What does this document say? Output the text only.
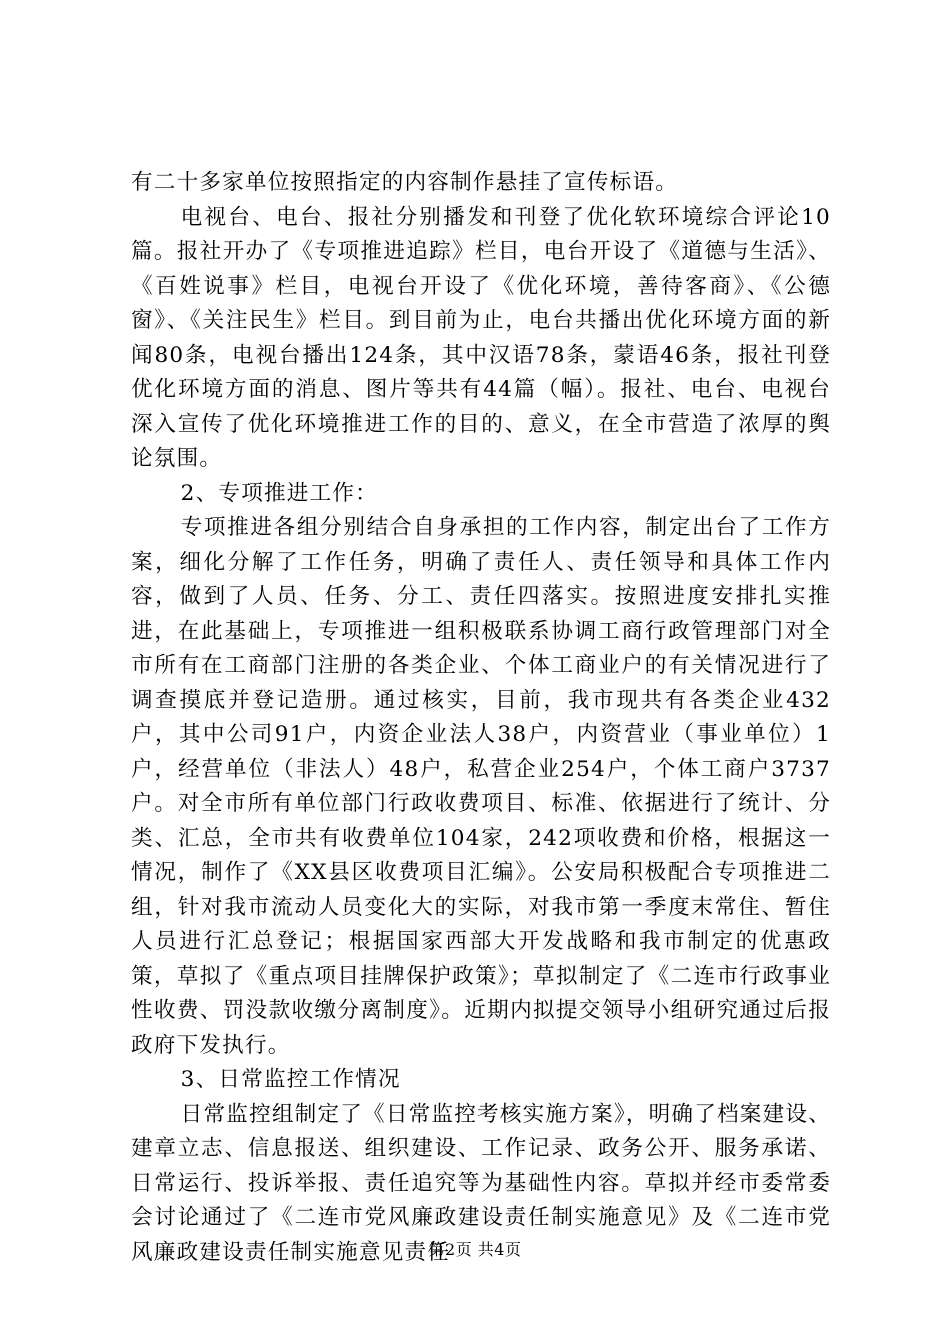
有二十多家单位按照指定的内容制作悬挂了宣传标语。

电视台、电台、报社分别播发和刊登了优化软环境综合评论10篇。报社开办了《专项推进追踪》栏目，电台开设了《道德与生活》、《百姓说事》栏目，电视台开设了《优化环境，善待客商》、《公德窗》、《关注民生》栏目。到目前为止，电台共播出优化环境方面的新闻80条，电视台播出124条，其中汉语78条，蒙语46条，报社刊登优化环境方面的消息、图片等共有44篇（幅）。报社、电台、电视台深入宣传了优化环境推进工作的目的、意义，在全市营造了浓厚的舆论氛围。

2、专项推进工作：

专项推进各组分别结合自身承担的工作内容，制定出台了工作方案，细化分解了工作任务，明确了责任人、责任领导和具体工作内容，做到了人员、任务、分工、责任四落实。按照进度安排扎实推进，在此基础上，专项推进一组积极联系协调工商行政管理部门对全市所有在工商部门注册的各类企业、个体工商业户的有关情况进行了调查摸底并登记造册。通过核实，目前，我市现共有各类企业432户，其中公司91户，内资企业法人38户，内资营业（事业单位）1户，经营单位（非法人）48户，私营企业254户，个体工商户3737户。对全市所有单位部门行政收费项目、标准、依据进行了统计、分类、汇总，全市共有收费单位104家，242项收费和价格，根据这一情况，制作了《XX县区收费项目汇编》。公安局积极配合专项推进二组，针对我市流动人员变化大的实际，对我市第一季度末常住、暂住人员进行汇总登记；根据国家西部大开发战略和我市制定的优惠政策，草拟了《重点项目挂牌保护政策》；草拟制定了《二连市行政事业性收费、罚没款收缴分离制度》。近期内拟提交领导小组研究通过后报政府下发执行。

3、日常监控工作情况

日常监控组制定了《日常监控考核实施方案》，明确了档案建设、建章立志、信息报送、组织建设、工作记录、政务公开、服务承诺、日常运行、投诉举报、责任追究等为基础性内容。草拟并经市委常委会讨论通过了《二连市党风廉政建设责任制实施意见》及《二连市党风廉政建设责任制实施意见责任

第2页 共4页
